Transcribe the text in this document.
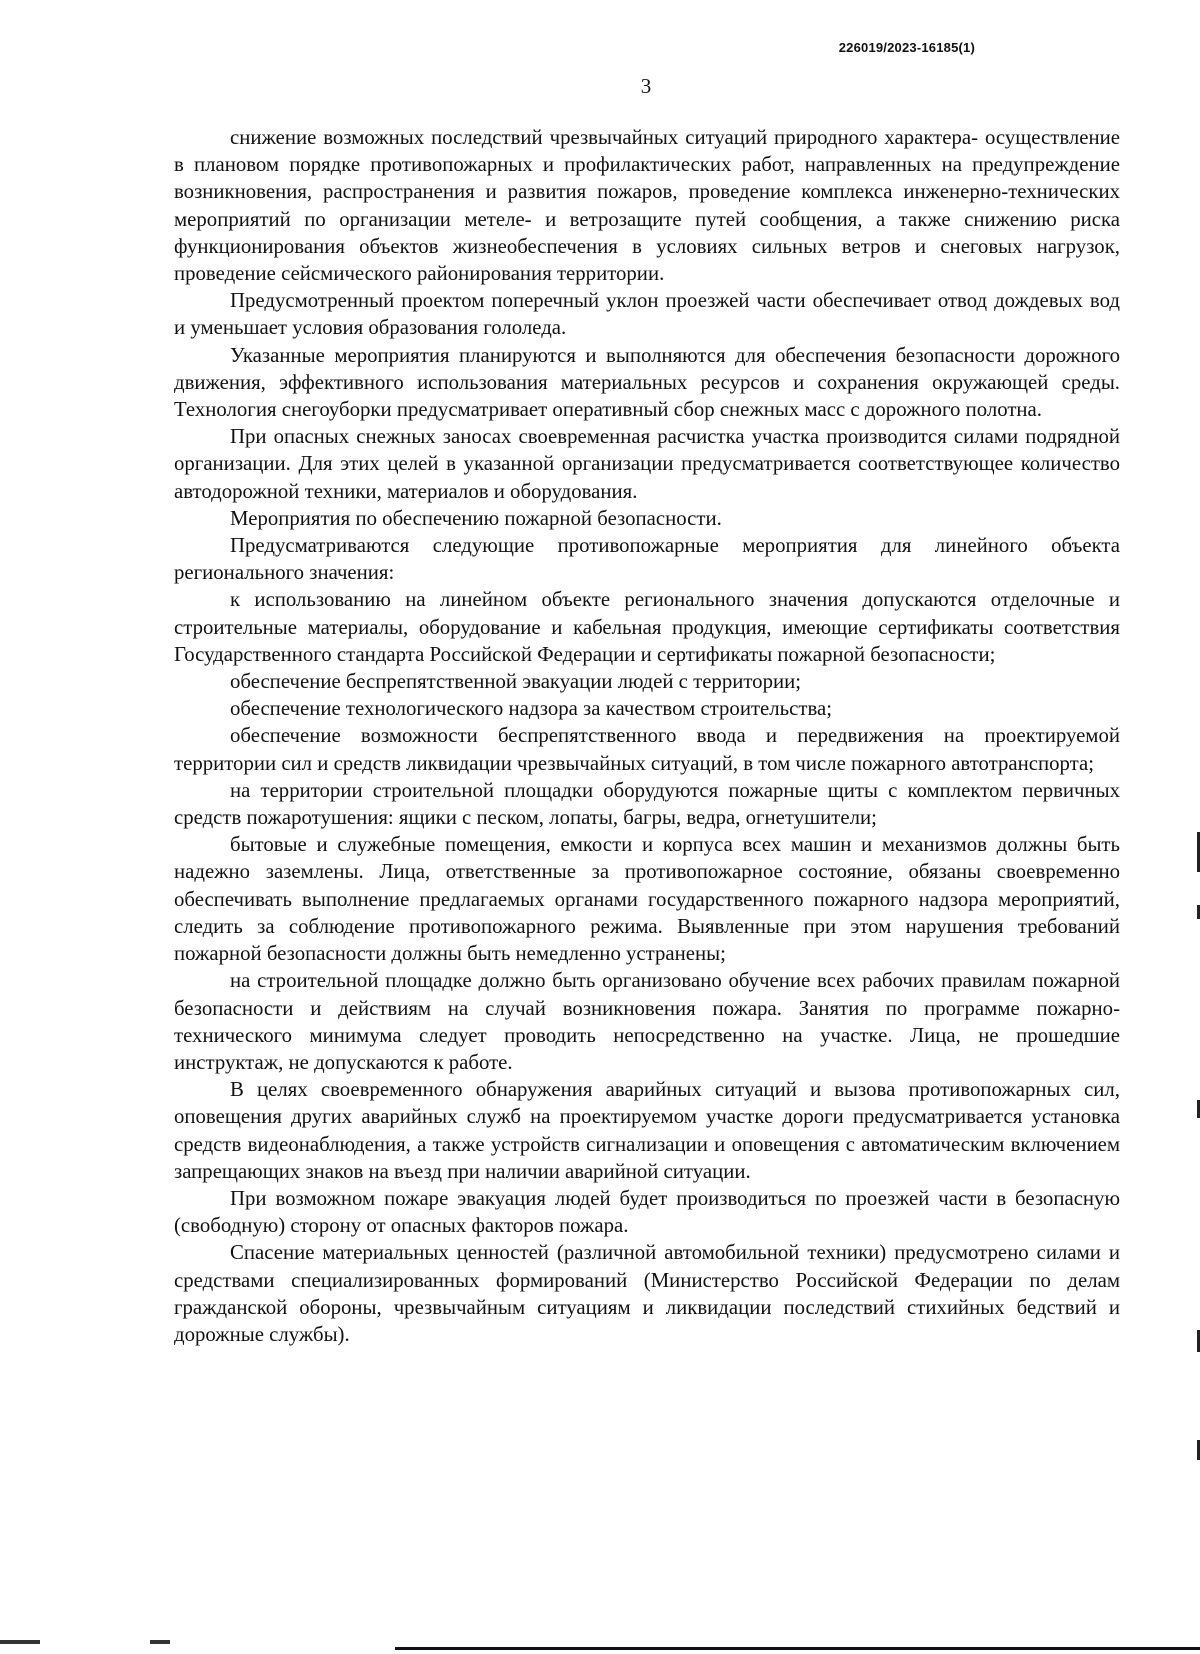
226019/2023-16185(1)
3

снижение возможных последствий чрезвычайных ситуаций природного характера- осуществление в плановом порядке противопожарных и профилактических работ, направленных на предупреждение возникновения, распространения и развития пожаров, проведение комплекса инженерно-технических мероприятий по организации метеле- и ветрозащите путей сообщения, а также снижению риска функционирования объектов жизнеобеспечения в условиях сильных ветров и снеговых нагрузок, проведение сейсмического районирования территории.

Предусмотренный проектом поперечный уклон проезжей части обеспечивает отвод дождевых вод и уменьшает условия образования гололеда.

Указанные мероприятия планируются и выполняются для обеспечения безопасности дорожного движения, эффективного использования материальных ресурсов и сохранения окружающей среды. Технология снегоуборки предусматривает оперативный сбор снежных масс с дорожного полотна.

При опасных снежных заносах своевременная расчистка участка производится силами подрядной организации. Для этих целей в указанной организации предусматривается соответствующее количество автодорожной техники, материалов и оборудования.

Мероприятия по обеспечению пожарной безопасности.

Предусматриваются следующие противопожарные мероприятия для линейного объекта регионального значения:

к использованию на линейном объекте регионального значения допускаются отделочные и строительные материалы, оборудование и кабельная продукция, имеющие сертификаты соответствия Государственного стандарта Российской Федерации и сертификаты пожарной безопасности;

обеспечение беспрепятственной эвакуации людей с территории;

обеспечение технологического надзора за качеством строительства;

обеспечение возможности беспрепятственного ввода и передвижения на проектируемой территории сил и средств ликвидации чрезвычайных ситуаций, в том числе пожарного автотранспорта;

на территории строительной площадки оборудуются пожарные щиты с комплектом первичных средств пожаротушения: ящики с песком, лопаты, багры, ведра, огнетушители;

бытовые и служебные помещения, емкости и корпуса всех машин и механизмов должны быть надежно заземлены. Лица, ответственные за противопожарное состояние, обязаны своевременно обеспечивать выполнение предлагаемых органами государственного пожарного надзора мероприятий, следить за соблюдение противопожарного режима. Выявленные при этом нарушения требований пожарной безопасности должны быть немедленно устранены;

на строительной площадке должно быть организовано обучение всех рабочих правилам пожарной безопасности и действиям на случай возникновения пожара. Занятия по программе пожарно-технического минимума следует проводить непосредственно на участке. Лица, не прошедшие инструктаж, не допускаются к работе.

В целях своевременного обнаружения аварийных ситуаций и вызова противопожарных сил, оповещения других аварийных служб на проектируемом участке дороги предусматривается установка средств видеонаблюдения, а также устройств сигнализации и оповещения с автоматическим включением запрещающих знаков на въезд при наличии аварийной ситуации.

При возможном пожаре эвакуация людей будет производиться по проезжей части в безопасную (свободную) сторону от опасных факторов пожара.

Спасение материальных ценностей (различной автомобильной техники) предусмотрено силами и средствами специализированных формирований (Министерство Российской Федерации по делам гражданской обороны, чрезвычайным ситуациям и ликвидации последствий стихийных бедствий и дорожные службы).
